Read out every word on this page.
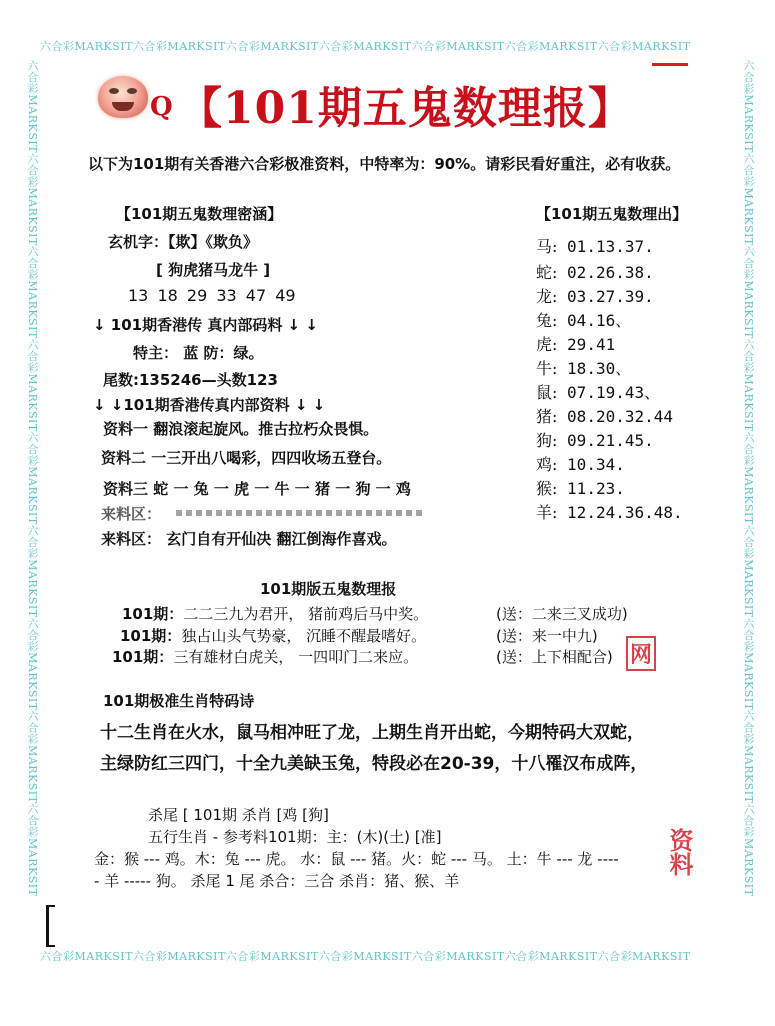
六合彩MARKSIT六合彩MARKSIT六合彩MARKSIT六合彩MARKSIT六合彩MARKSIT六合彩MARKSIT六合彩MARKSIT
六合彩MARKSIT六合彩MARKSIT六合彩MARKSIT六合彩MARKSIT六合彩MARKSIT六合彩MARKSIT六合彩MARKSIT
六合彩MARKSIT六合彩MARKSIT六合彩MARKSIT六合彩MARKSIT六合彩MARKSIT六合彩MARKSIT六合彩MARKSIT六合彩MARKSIT六合彩MARKSIT
六合彩MARKSIT六合彩MARKSIT六合彩MARKSIT六合彩MARKSIT六合彩MARKSIT六合彩MARKSIT六合彩MARKSIT六合彩MARKSIT六合彩MARKSIT
Q 【101期五鬼数理报】
以下为101期有关香港六合彩极准资料，中特率为：90%。请彩民看好重注，必有收获。
【101期五鬼数理密涵】
玄机字：【欺】《欺负》
[ 狗虎猪马龙牛 ]
13 18 29 33 47 49
↓ 101期香港传 真内部码料 ↓ ↓
特主： 蓝 防：绿。
尾数:135246—头数123
↓ ↓101期香港传真内部资料 ↓ ↓
资料一 翻浪滚起旋风。推古拉朽众畏惧。
资料二 一三开出八喝彩，四四收场五登台。
资料三 蛇 一 兔 一 虎 一 牛 一 猪 一 狗 一 鸡
来料区：
来料区： 玄门自有开仙决 翻江倒海作喜戏。
【101期五鬼数理出】
马: 01.13.37.
蛇: 02.26.38.
龙: 03.27.39.
兔: 04.16、
虎: 29.41
牛: 18.30、
鼠: 07.19.43、
猪: 08.20.32.44
狗: 09.21.45.
鸡: 10.34.
猴: 11.23.
羊: 12.24.36.48.
101期版五鬼数理报
101期：二二三九为君开， 猪前鸡后马中奖。	(送：二来三叉成功)
101期：独占山头气势豪， 沉睡不醒最嗜好。	(送：来一中九)
101期：三有雄材白虎关， 一四叩门二来应。	(送：上下相配合)
101期极准生肖特码诗
十二生肖在火水，鼠马相冲旺了龙，上期生肖开出蛇，今期特码大双蛇，
主绿防红三四门，十全九美缺玉兔，特段必在20-39，十八罹汉布成阵，
杀尾 [ 101期 杀肖 [鸡 [狗]
五行生肖 - 参考料101期：主：(木)(土) [准]
金：猴 --- 鸡。木：兔 --- 虎。 水：鼠 --- 猪。火：蛇 --- 马。 土：牛 --- 龙 ----
- 羊 ----- 狗。 杀尾 1 尾 杀合：三合 杀肖：猪、猴、羊
网
资料
